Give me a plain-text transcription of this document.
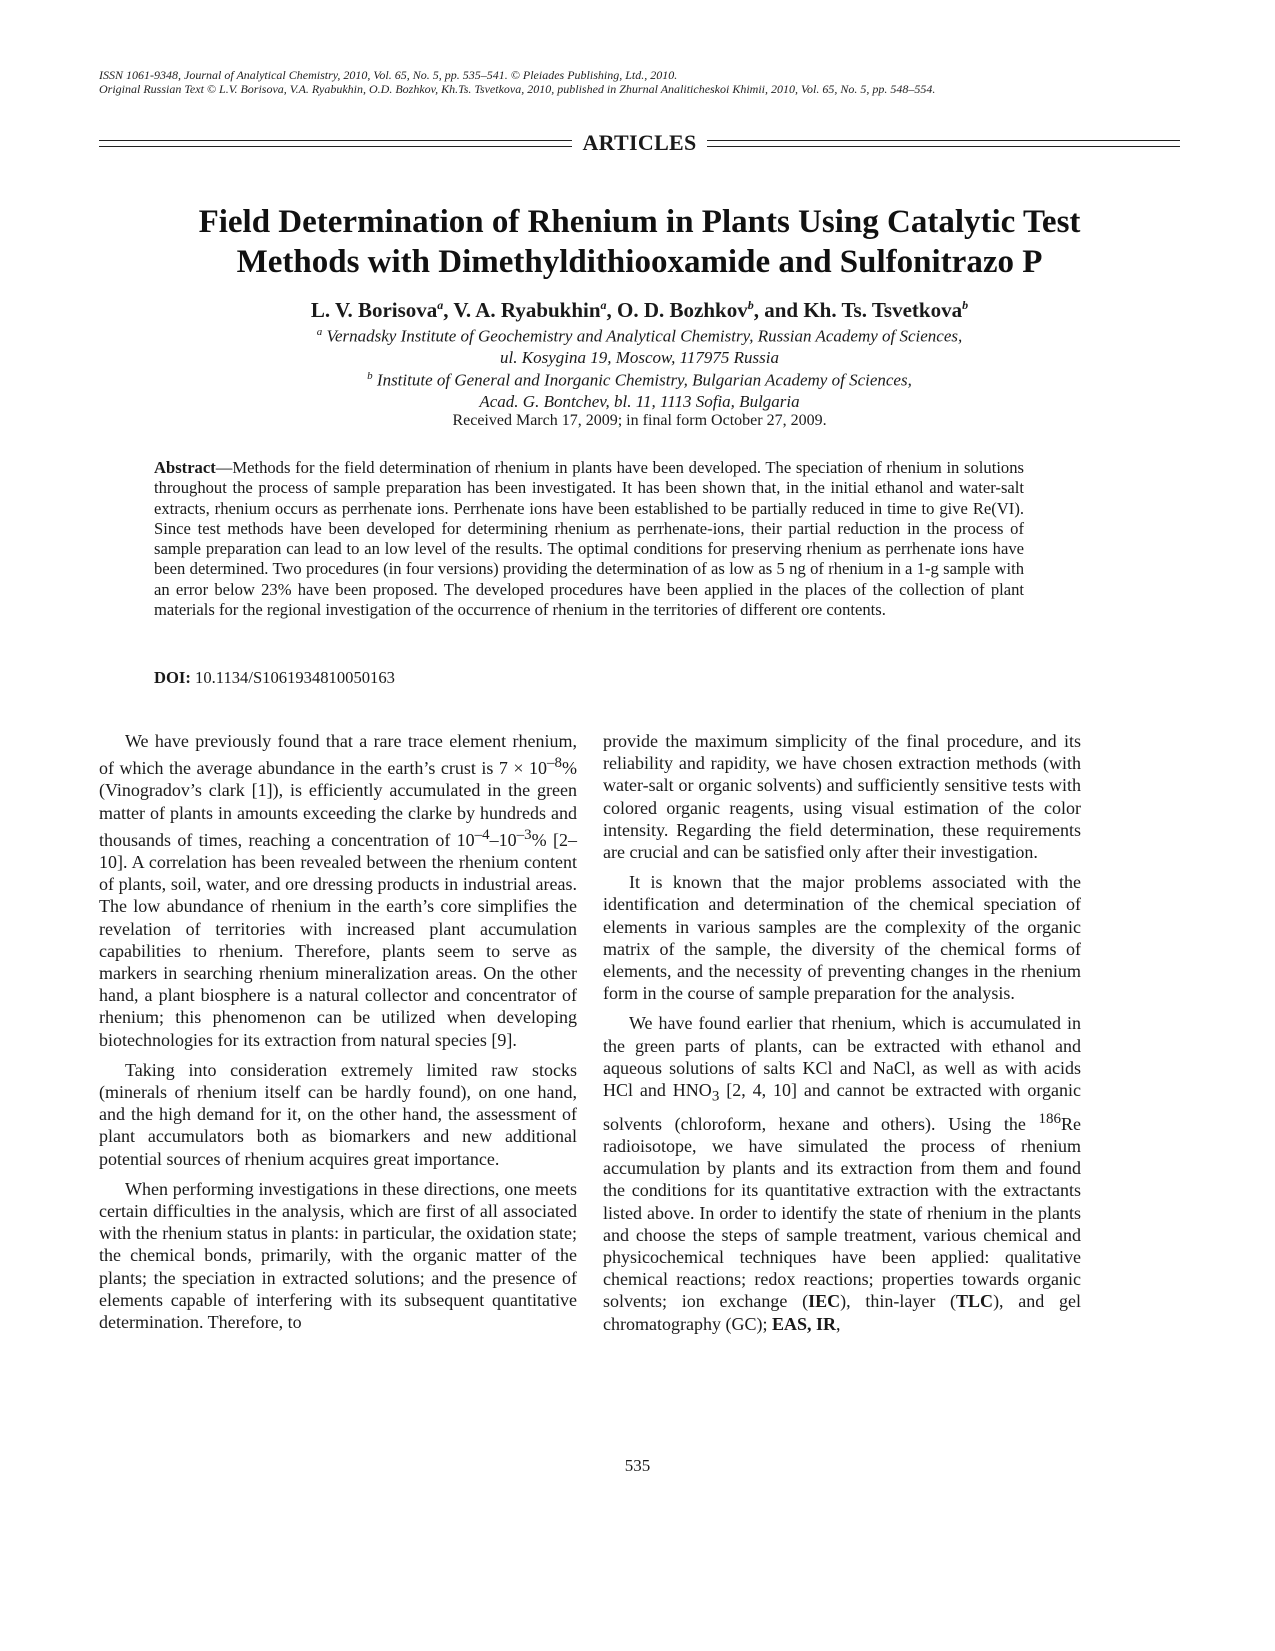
ISSN 1061-9348, Journal of Analytical Chemistry, 2010, Vol. 65, No. 5, pp. 535–541. © Pleiades Publishing, Ltd., 2010.
Original Russian Text © L.V. Borisova, V.A. Ryabukhin, O.D. Bozhkov, Kh.Ts. Tsvetkova, 2010, published in Zhurnal Analiticheskoi Khimii, 2010, Vol. 65, No. 5, pp. 548–554.
ARTICLES
Field Determination of Rhenium in Plants Using Catalytic Test
Methods with Dimethyldithiooxamide and Sulfonitrazo P
L. V. Borisova$^a$, V. A. Ryabukhin$^a$, O. D. Bozhkov$^b$, and Kh. Ts. Tsvetkova$^b$
$^a$ Vernadsky Institute of Geochemistry and Analytical Chemistry, Russian Academy of Sciences,
ul. Kosygina 19, Moscow, 117975 Russia
$^b$ Institute of General and Inorganic Chemistry, Bulgarian Academy of Sciences,
Acad. G. Bontchev, bl. 11, 1113 Sofia, Bulgaria
Received March 17, 2009; in final form October 27, 2009.
Abstract—Methods for the field determination of rhenium in plants have been developed. The speciation of rhenium in solutions throughout the process of sample preparation has been investigated. It has been shown that, in the initial ethanol and water-salt extracts, rhenium occurs as perrhenate ions. Perrhenate ions have been established to be partially reduced in time to give Re(VI). Since test methods have been developed for determining rhenium as perrhenate-ions, their partial reduction in the process of sample preparation can lead to an low level of the results. The optimal conditions for preserving rhenium as perrhenate ions have been determined. Two procedures (in four versions) providing the determination of as low as 5 ng of rhenium in a 1-g sample with an error below 23% have been proposed. The developed procedures have been applied in the places of the collection of plant materials for the regional investigation of the occurrence of rhenium in the territories of different ore contents.
DOI: 10.1134/S1061934810050163

We have previously found that a rare trace element rhenium, of which the average abundance in the earth’s crust is $7 \times 10^{-8}\%$ (Vinogradov’s clark [1]), is efficiently accumulated in the green matter of plants in amounts exceeding the clarke by hundreds and thousands of times, reaching a concentration of $10^{-4}-10^{-3}\%$ [2–10]. A correlation has been revealed between the rhenium content of plants, soil, water, and ore dressing products in industrial areas. The low abundance of rhenium in the earth’s core simplifies the revelation of territories with increased plant accumulation capabilities to rhenium. Therefore, plants seem to serve as markers in searching rhenium mineralization areas. On the other hand, a plant biosphere is a natural collector and concentrator of rhenium; this phenomenon can be utilized when developing biotechnologies for its extraction from natural species [9].

Taking into consideration extremely limited raw stocks (minerals of rhenium itself can be hardly found), on one hand, and the high demand for it, on the other hand, the assessment of plant accumulators both as biomarkers and new additional potential sources of rhenium acquires great importance.

When performing investigations in these directions, one meets certain difficulties in the analysis, which are first of all associated with the rhenium status in plants: in particular, the oxidation state; the chemical bonds, primarily, with the organic matter of the plants; the speciation in extracted solutions; and the presence of elements capable of interfering with its subsequent quantitative determination. Therefore, to

provide the maximum simplicity of the final procedure, and its reliability and rapidity, we have chosen extraction methods (with water-salt or organic solvents) and sufficiently sensitive tests with colored organic reagents, using visual estimation of the color intensity. Regarding the field determination, these requirements are crucial and can be satisfied only after their investigation.

It is known that the major problems associated with the identification and determination of the chemical speciation of elements in various samples are the complexity of the organic matrix of the sample, the diversity of the chemical forms of elements, and the necessity of preventing changes in the rhenium form in the course of sample preparation for the analysis.

We have found earlier that rhenium, which is accumulated in the green parts of plants, can be extracted with ethanol and aqueous solutions of salts KCl and NaCl, as well as with acids HCl and $HNO_3$ [2, 4, 10] and cannot be extracted with organic solvents (chloroform, hexane and others). Using the $^{186}$Re radioisotope, we have simulated the process of rhenium accumulation by plants and its extraction from them and found the conditions for its quantitative extraction with the extractants listed above. In order to identify the state of rhenium in the plants and choose the steps of sample treatment, various chemical and physicochemical techniques have been applied: qualitative chemical reactions; redox reactions; properties towards organic solvents; ion exchange (IEC), thin-layer (TLC), and gel chromatography (GC); EAS, IR,

535
